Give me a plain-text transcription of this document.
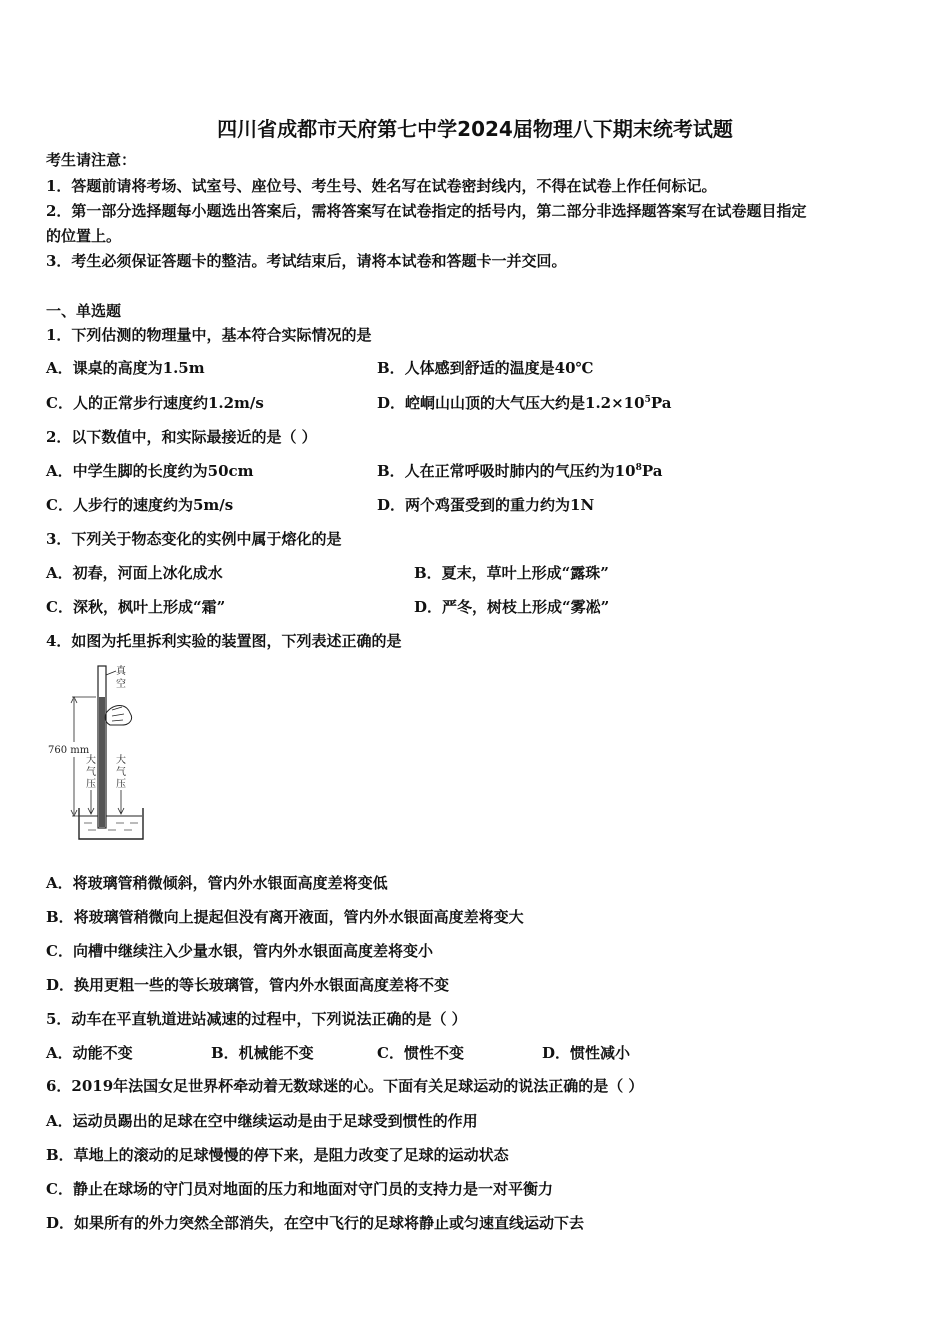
四川省成都市天府第七中学2024届物理八下期末统考试题
考生请注意：
1．答题前请将考场、试室号、座位号、考生号、姓名写在试卷密封线内，不得在试卷上作任何标记。
2．第一部分选择题每小题选出答案后，需将答案写在试卷指定的括号内，第二部分非选择题答案写在试卷题目指定
的位置上。
3．考生必须保证答题卡的整洁。考试结束后，请将本试卷和答题卡一并交回。
一、单选题
1．下列估测的物理量中，基本符合实际情况的是
A．课桌的高度为1.5m	B．人体感到舒适的温度是40℃
C．人的正常步行速度约1.2m/s	D．崆峒山山顶的大气压大约是$1.2\times 10^5Pa$
2．以下数值中，和实际最接近的是（ ）
A．中学生脚的长度约为50cm	B．人在正常呼吸时肺内的气压约为$10^8Pa$
C．人步行的速度约为5m/s	D．两个鸡蛋受到的重力约为1N
3．下列关于物态变化的实例中属于熔化的是
A．初春，河面上冰化成水	B．夏末，草叶上形成“露珠”
C．深秋，枫叶上形成“霜”	D．严冬，树枝上形成“雾凇”
4．如图为托里拆利实验的装置图，下列表述正确的是
真
空
760 mm
大
气
压
大
气
压
A．将玻璃管稍微倾斜，管内外水银面高度差将变低
B．将玻璃管稍微向上提起但没有离开液面，管内外水银面高度差将变大
C．向槽中继续注入少量水银，管内外水银面高度差将变小
D．换用更粗一些的等长玻璃管，管内外水银面高度差将不变
5．动车在平直轨道进站减速的过程中，下列说法正确的是（ ）
A．动能不变	B．机械能不变	C．惯性不变	D．惯性减小
6．2019年法国女足世界杯牵动着无数球迷的心。下面有关足球运动的说法正确的是（ ）
A．运动员踢出的足球在空中继续运动是由于足球受到惯性的作用
B．草地上的滚动的足球慢慢的停下来，是阻力改变了足球的运动状态
C．静止在球场的守门员对地面的压力和地面对守门员的支持力是一对平衡力
D．如果所有的外力突然全部消失，在空中飞行的足球将静止或匀速直线运动下去
